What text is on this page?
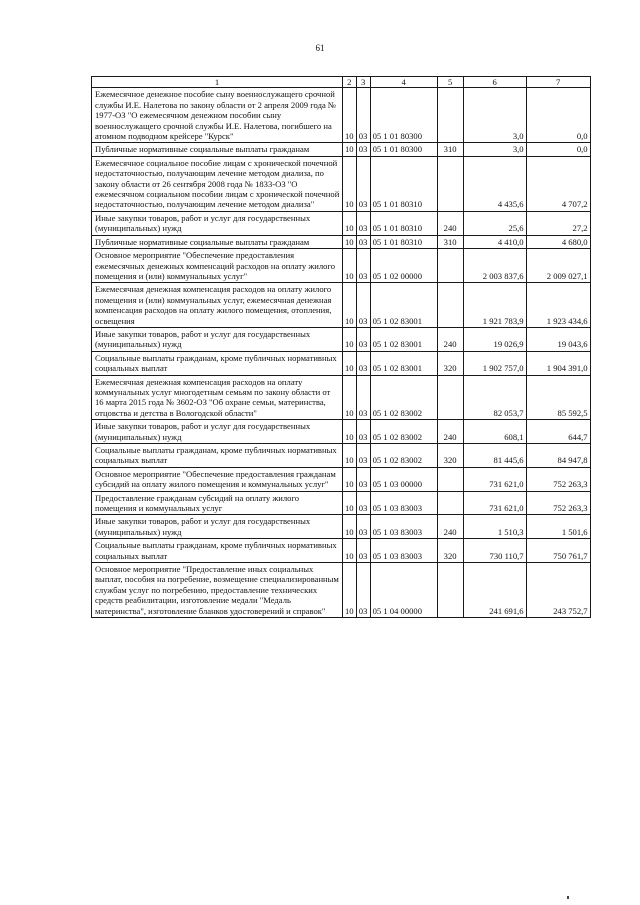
61
1	2	3	4	5	6	7
Ежемесячное денежное пособие сыну военнослужащего срочной службы И.Е. Налетова по закону области от 2 апреля 2009 года № 1977-ОЗ "О ежемесячном денежном пособии сыну военнослужащего срочной службы И.Е. Налетова, погибшего на атомном подводном крейсере "Курск"	10	03	05 1 01 80300		3,0	0,0
Публичные нормативные социальные выплаты гражданам	10	03	05 1 01 80300	310	3,0	0,0
Ежемесячное социальное пособие лицам с хронической почечной недостаточностью, получающим лечение методом диализа, по закону области от 26 сентября 2008 года № 1833-ОЗ "О ежемесячном социальном пособии лицам с хронической почечной недостаточностью, получающим лечение методом диализа"	10	03	05 1 01 80310		4 435,6	4 707,2
Иные закупки товаров, работ и услуг для государственных (муниципальных) нужд	10	03	05 1 01 80310	240	25,6	27,2
Публичные нормативные социальные выплаты гражданам	10	03	05 1 01 80310	310	4 410,0	4 680,0
Основное мероприятие "Обеспечение предоставления ежемесячных денежных компенсаций расходов на оплату жилого помещения и (или) коммунальных услуг"	10	03	05 1 02 00000		2 003 837,6	2 009 027,1
Ежемесячная денежная компенсация расходов на оплату жилого помещения и (или) коммунальных услуг, ежемесячная денежная компенсация расходов на оплату жилого помещения, отопления, освещения	10	03	05 1 02 83001		1 921 783,9	1 923 434,6
Иные закупки товаров, работ и услуг для государственных (муниципальных) нужд	10	03	05 1 02 83001	240	19 026,9	19 043,6
Социальные выплаты гражданам, кроме публичных нормативных социальных выплат	10	03	05 1 02 83001	320	1 902 757,0	1 904 391,0
Ежемесячная денежная компенсация расходов на оплату коммунальных услуг многодетным семьям по закону области от 16 марта 2015 года № 3602-ОЗ "Об охране семьи, материнства, отцовства и детства в Вологодской области"	10	03	05 1 02 83002		82 053,7	85 592,5
Иные закупки товаров, работ и услуг для государственных (муниципальных) нужд	10	03	05 1 02 83002	240	608,1	644,7
Социальные выплаты гражданам, кроме публичных нормативных социальных выплат	10	03	05 1 02 83002	320	81 445,6	84 947,8
Основное мероприятие "Обеспечение предоставления гражданам субсидий на оплату жилого помещения и коммунальных услуг"	10	03	05 1 03 00000		731 621,0	752 263,3
Предоставление гражданам субсидий на оплату жилого помещения и коммунальных услуг	10	03	05 1 03 83003		731 621,0	752 263,3
Иные закупки товаров, работ и услуг для государственных (муниципальных) нужд	10	03	05 1 03 83003	240	1 510,3	1 501,6
Социальные выплаты гражданам, кроме публичных нормативных социальных выплат	10	03	05 1 03 83003	320	730 110,7	750 761,7
Основное мероприятие "Предоставление иных социальных выплат, пособия на погребение, возмещение специализированным службам услуг по погребению, предоставление технических средств реабилитации, изготовление медали "Медаль материнства", изготовление бланков удостоверений и справок"	10	03	05 1 04 00000		241 691,6	243 752,7
